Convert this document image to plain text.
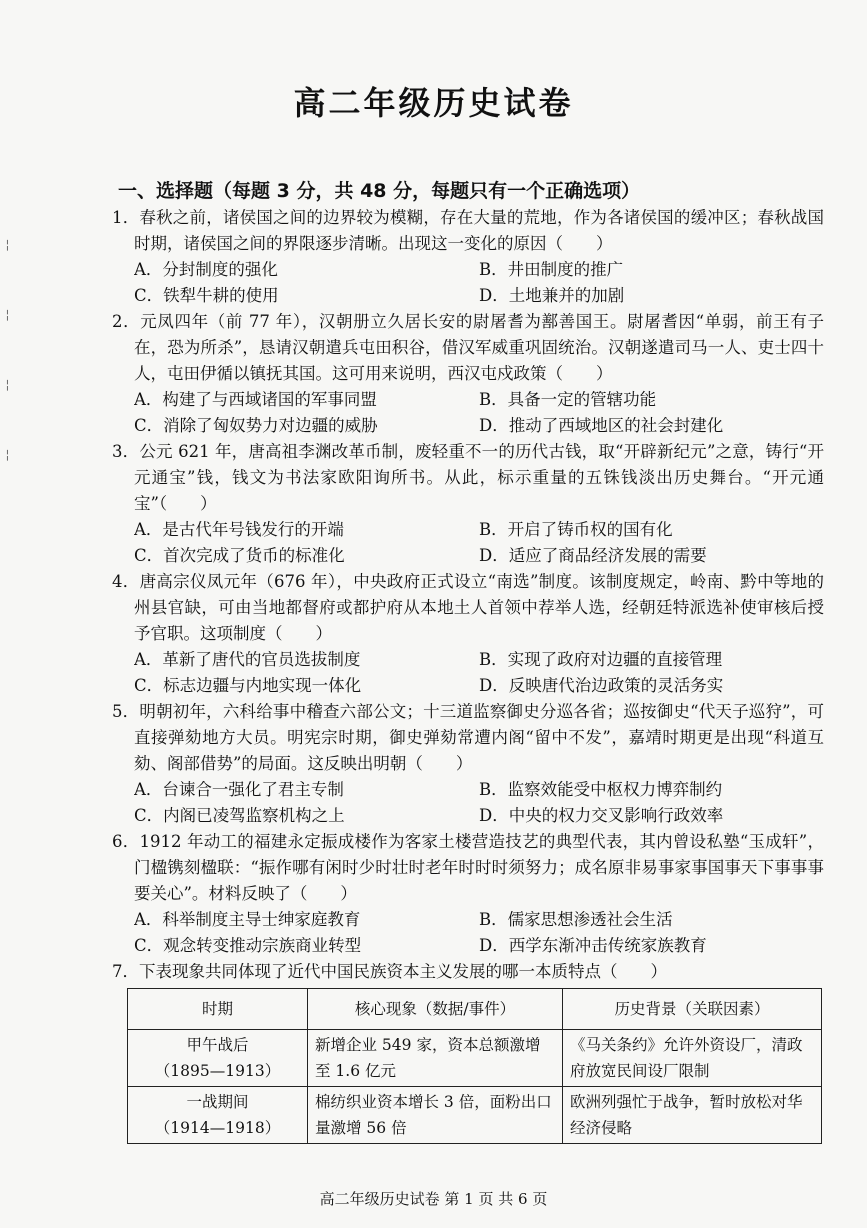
╎
╎
╎
╎
高二年级历史试卷
一、选择题（每题 3 分，共 48 分，每题只有一个正确选项）

1．春秋之前，诸侯国之间的边界较为模糊，存在大量的荒地，作为各诸侯国的缓冲区；春秋战国时期，诸侯国之间的界限逐步清晰。出现这一变化的原因（　　）

A．分封制度的强化	B．井田制度的推广
C．铁犁牛耕的使用	D．土地兼并的加剧

2．元凤四年（前 77 年），汉朝册立久居长安的尉屠耆为鄯善国王。尉屠耆因“单弱，前王有子在，恐为所杀”，恳请汉朝遣兵屯田积谷，借汉军威重巩固统治。汉朝遂遣司马一人、吏士四十人，屯田伊循以镇抚其国。这可用来说明，西汉屯戍政策（　　）

A．构建了与西域诸国的军事同盟	B．具备一定的管辖功能
C．消除了匈奴势力对边疆的威胁	D．推动了西域地区的社会封建化

3．公元 621 年，唐高祖李渊改革币制，废轻重不一的历代古钱，取“开辟新纪元”之意，铸行“开元通宝”钱，钱文为书法家欧阳询所书。从此，标示重量的五铢钱淡出历史舞台。“开元通宝”（　　）

A．是古代年号钱发行的开端	B．开启了铸币权的国有化
C．首次完成了货币的标准化	D．适应了商品经济发展的需要

4．唐高宗仪凤元年（676 年），中央政府正式设立“南选”制度。该制度规定，岭南、黔中等地的州县官缺，可由当地都督府或都护府从本地土人首领中荐举人选，经朝廷特派选补使审核后授予官职。这项制度（　　）

A．革新了唐代的官员选拔制度	B．实现了政府对边疆的直接管理
C．标志边疆与内地实现一体化	D．反映唐代治边政策的灵活务实

5．明朝初年，六科给事中稽查六部公文；十三道监察御史分巡各省；巡按御史“代天子巡狩”，可直接弹劾地方大员。明宪宗时期，御史弹劾常遭内阁“留中不发”，嘉靖时期更是出现“科道互劾、阁部借势”的局面。这反映出明朝（　　）

A．台谏合一强化了君主专制	B．监察效能受中枢权力博弈制约
C．内阁已凌驾监察机构之上	D．中央的权力交叉影响行政效率

6．1912 年动工的福建永定振成楼作为客家土楼营造技艺的典型代表，其内曾设私塾“玉成轩”，门楹镌刻楹联：“振作哪有闲时少时壮时老年时时时须努力；成名原非易事家事国事天下事事事要关心”。材料反映了（　　）

A．科举制度主导士绅家庭教育	B．儒家思想渗透社会生活
C．观念转变推动宗族商业转型	D．西学东渐冲击传统家族教育

7．下表现象共同体现了近代中国民族资本主义发展的哪一本质特点（　　）

时期	核心现象（数据/事件）	历史背景（关联因素）
甲午战后
（1895—1913）	新增企业 549 家，资本总额激增至 1.6 亿元	《马关条约》允许外资设厂，清政府放宽民间设厂限制
一战期间
（1914—1918）	棉纺织业资本增长 3 倍，面粉出口量激增 56 倍	欧洲列强忙于战争，暂时放松对华经济侵略
高二年级历史试卷 第 1 页 共 6 页
